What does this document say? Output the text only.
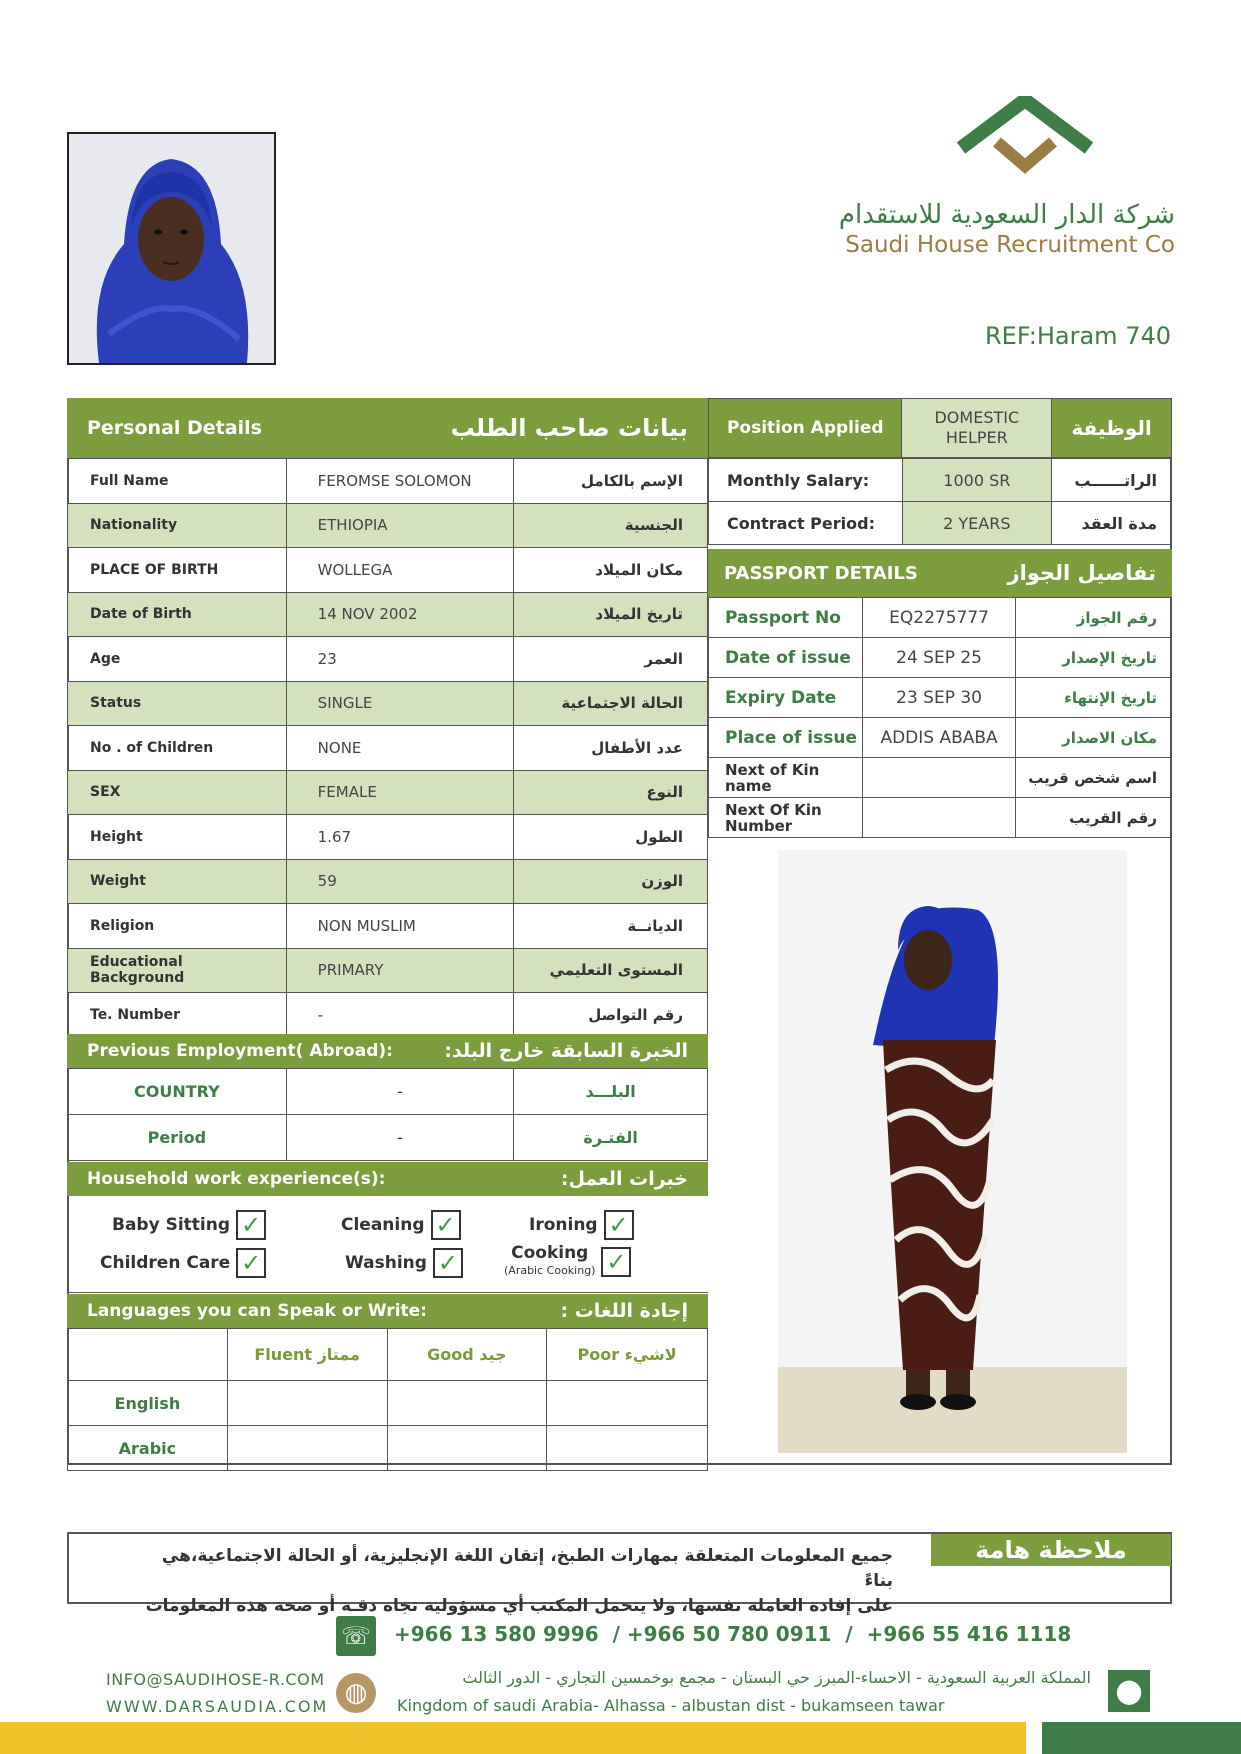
شركة الدار السعودية للاستقدام
Saudi House Recruitment Co
REF:Haram 740
Personal Details	بيانات صاحب الطلب
Full Name	FEROMSE SOLOMON	الإسم بالكامل
Nationality	ETHIOPIA	الجنسية
PLACE OF BIRTH	WOLLEGA	مكان الميلاد
Date of Birth	14 NOV 2002	تاريخ الميلاد
Age	23	العمر
Status	SINGLE	الحالة الاجتماعية
No . of Children	NONE	عدد الأطفال
SEX	FEMALE	النوع
Height	1.67	الطول
Weight	59	الوزن
Religion	NON MUSLIM	الديانــة
Educational Background	PRIMARY	المستوى التعليمي
Te. Number	-	رقم التواصل
Previous Employment( Abroad):	الخبرة السابقة خارج البلد:
COUNTRY	-	البلـــد
Period	-	الفتـرة
Household work experience(s):	خبرات العمل:
Baby Sitting ✓	Cleaning ✓	Ironing ✓
Children Care ✓	Washing ✓	Cooking
(Arabic Cooking) ✓
Languages you can Speak or Write:	إجادة اللغات :
	Fluent ممتاز	Good جيد	Poor لاشيء
English			
Arabic			
Position Applied	DOMESTIC HELPER	الوظيفة
Monthly Salary:	1000 SR	الراتــــــب
Contract Period:	2 YEARS	مدة العقد
PASSPORT DETAILS	تفاصيل الجواز
Passport No	EQ2275777	رقم الجواز
Date of issue	24 SEP 25	تاريخ الإصدار
Expiry Date	23 SEP 30	تاريخ الإنتهاء
Place of issue	ADDIS ABABA	مكان الاصدار
Next of Kin name		اسم شخص قريب
Next Of Kin Number		رقم القريب
ملاحظة هامة
جميع المعلومات المتعلقة بمهارات الطبخ، إتقان اللغة الإنجليزية، أو الحالة الاجتماعية،هي بناءً
على إفادة العاملة نفسها، ولا يتحمل المكتب أي مسؤولية تجاه دقـة أو صحة هذه المعلومات
☏ +966 13 580 9996  / +966 50 780 0911  /  +966 55 416 1118
INFO@SAUDIHOSE-R.COM
WWW.DARSAUDIA.COM ◍
المملكة العربية السعودية - الاحساء-المبرز حي البستان - مجمع بوخمسين التجاري - الدور الثالث
Kingdom of saudi Arabia- Alhassa - albustan dist - bukamseen tawar
⬤
